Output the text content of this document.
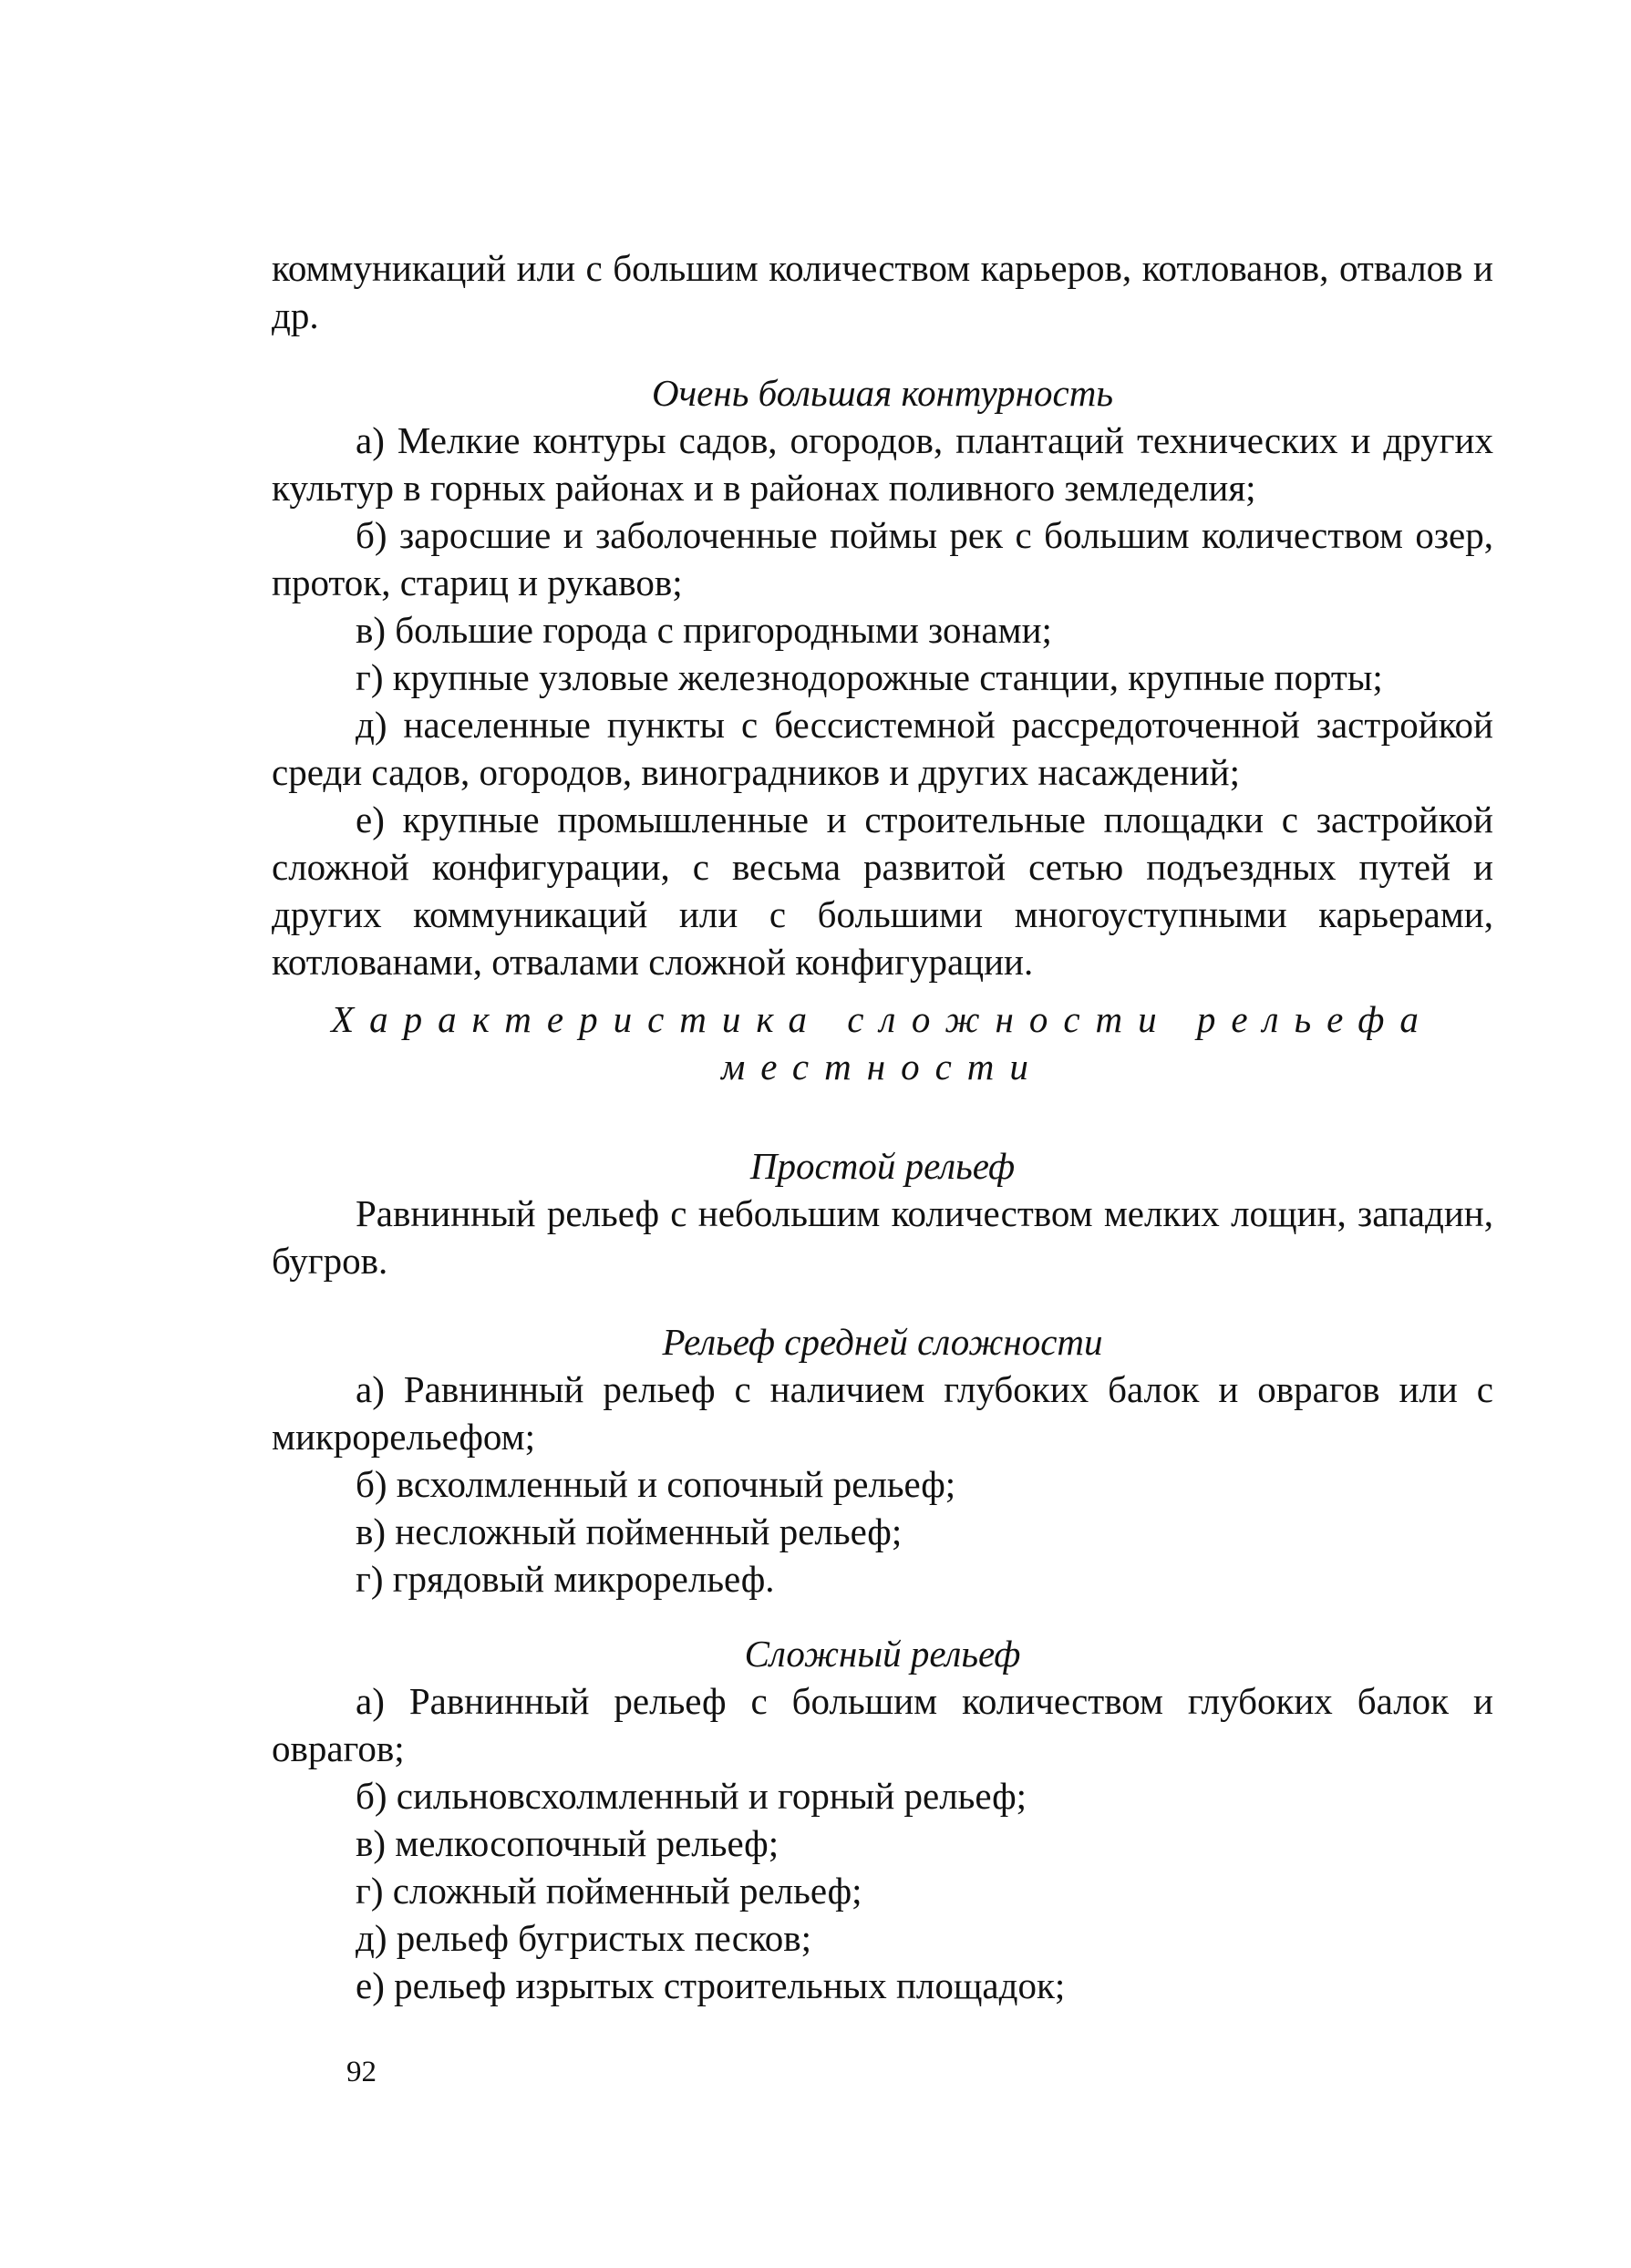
коммуникаций или с большим количеством карьеров, котлованов, отвалов и др.

Очень большая контурность

а) Мелкие контуры садов, огородов, плантаций технических и других культур в горных районах и в районах поливного земледелия;

б) заросшие и заболоченные поймы рек с большим количеством озер, проток, стариц и рукавов;

в) большие города с пригородными зонами;

г) крупные узловые железнодорожные станции, крупные порты;

д) населенные пункты с бессистемной рассредоточенной застройкой среди садов, огородов, виноградников и других насаждений;

е) крупные промышленные и строительные площадки с застройкой сложной конфигурации, с весьма развитой сетью подъездных путей и других коммуникаций или с большими многоуступными карьерами, котлованами, отвалами сложной конфигурации.

Характеристика сложности рельефа

местности

Простой рельеф

Равнинный рельеф с небольшим количеством мелких лощин, западин, бугров.

Рельеф средней сложности

а) Равнинный рельеф с наличием глубоких балок и оврагов или с микрорельефом;

б) всхолмленный и сопочный рельеф;

в) несложный пойменный рельеф;

г) грядовый микрорельеф.

Сложный рельеф

а) Равнинный рельеф с большим количеством глубоких балок и оврагов;

б) сильновсхолмленный и горный рельеф;

в) мелкосопочный рельеф;

г) сложный пойменный рельеф;

д) рельеф бугристых песков;

е) рельеф изрытых строительных площадок;

92
